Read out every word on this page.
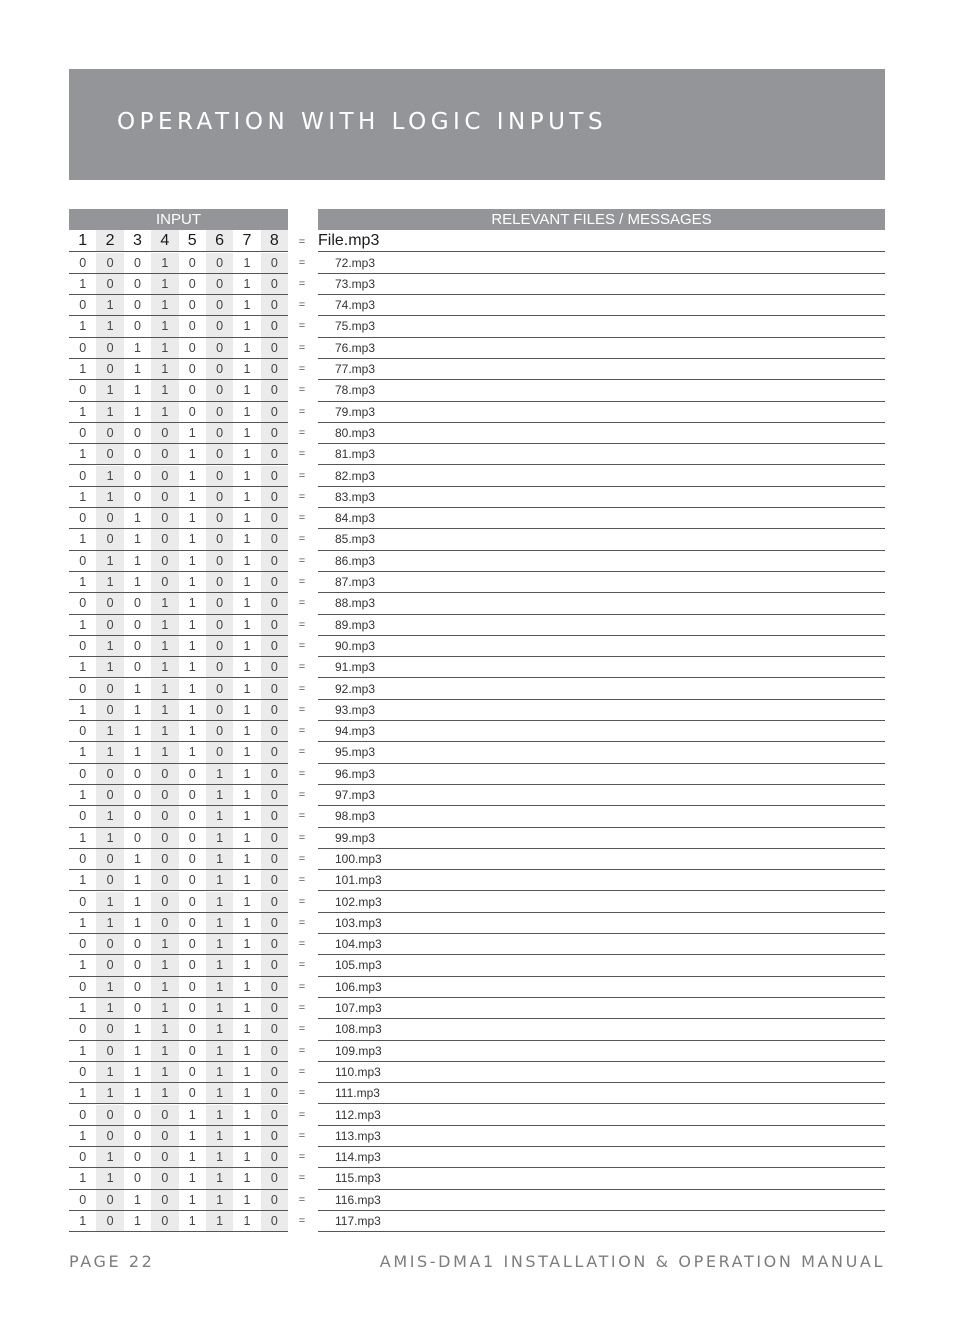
OPERATION WITH LOGIC INPUTS
INPUT	RELEVANT FILES / MESSAGES
1	2	3	4	5	6	7	8	= File.mp3
0	0	0	1	0	0	1	0	=	72.mp3
1	0	0	1	0	0	1	0	=	73.mp3
0	1	0	1	0	0	1	0	=	74.mp3
1	1	0	1	0	0	1	0	=	75.mp3
0	0	1	1	0	0	1	0	=	76.mp3
1	0	1	1	0	0	1	0	=	77.mp3
0	1	1	1	0	0	1	0	=	78.mp3
1	1	1	1	0	0	1	0	=	79.mp3
0	0	0	0	1	0	1	0	=	80.mp3
1	0	0	0	1	0	1	0	=	81.mp3
0	1	0	0	1	0	1	0	=	82.mp3
1	1	0	0	1	0	1	0	=	83.mp3
0	0	1	0	1	0	1	0	=	84.mp3
1	0	1	0	1	0	1	0	=	85.mp3
0	1	1	0	1	0	1	0	=	86.mp3
1	1	1	0	1	0	1	0	=	87.mp3
0	0	0	1	1	0	1	0	=	88.mp3
1	0	0	1	1	0	1	0	=	89.mp3
0	1	0	1	1	0	1	0	=	90.mp3
1	1	0	1	1	0	1	0	=	91.mp3
0	0	1	1	1	0	1	0	=	92.mp3
1	0	1	1	1	0	1	0	=	93.mp3
0	1	1	1	1	0	1	0	=	94.mp3
1	1	1	1	1	0	1	0	=	95.mp3
0	0	0	0	0	1	1	0	=	96.mp3
1	0	0	0	0	1	1	0	=	97.mp3
0	1	0	0	0	1	1	0	=	98.mp3
1	1	0	0	0	1	1	0	=	99.mp3
0	0	1	0	0	1	1	0	=	100.mp3
1	0	1	0	0	1	1	0	=	101.mp3
0	1	1	0	0	1	1	0	=	102.mp3
1	1	1	0	0	1	1	0	=	103.mp3
0	0	0	1	0	1	1	0	=	104.mp3
1	0	0	1	0	1	1	0	=	105.mp3
0	1	0	1	0	1	1	0	=	106.mp3
1	1	0	1	0	1	1	0	=	107.mp3
0	0	1	1	0	1	1	0	=	108.mp3
1	0	1	1	0	1	1	0	=	109.mp3
0	1	1	1	0	1	1	0	=	110.mp3
1	1	1	1	0	1	1	0	=	111.mp3
0	0	0	0	1	1	1	0	=	112.mp3
1	0	0	0	1	1	1	0	=	113.mp3
0	1	0	0	1	1	1	0	=	114.mp3
1	1	0	0	1	1	1	0	=	115.mp3
0	0	1	0	1	1	1	0	=	116.mp3
1	0	1	0	1	1	1	0	=	117.mp3
PAGE 22	AMIS-DMA1 INSTALLATION & OPERATION MANUAL
